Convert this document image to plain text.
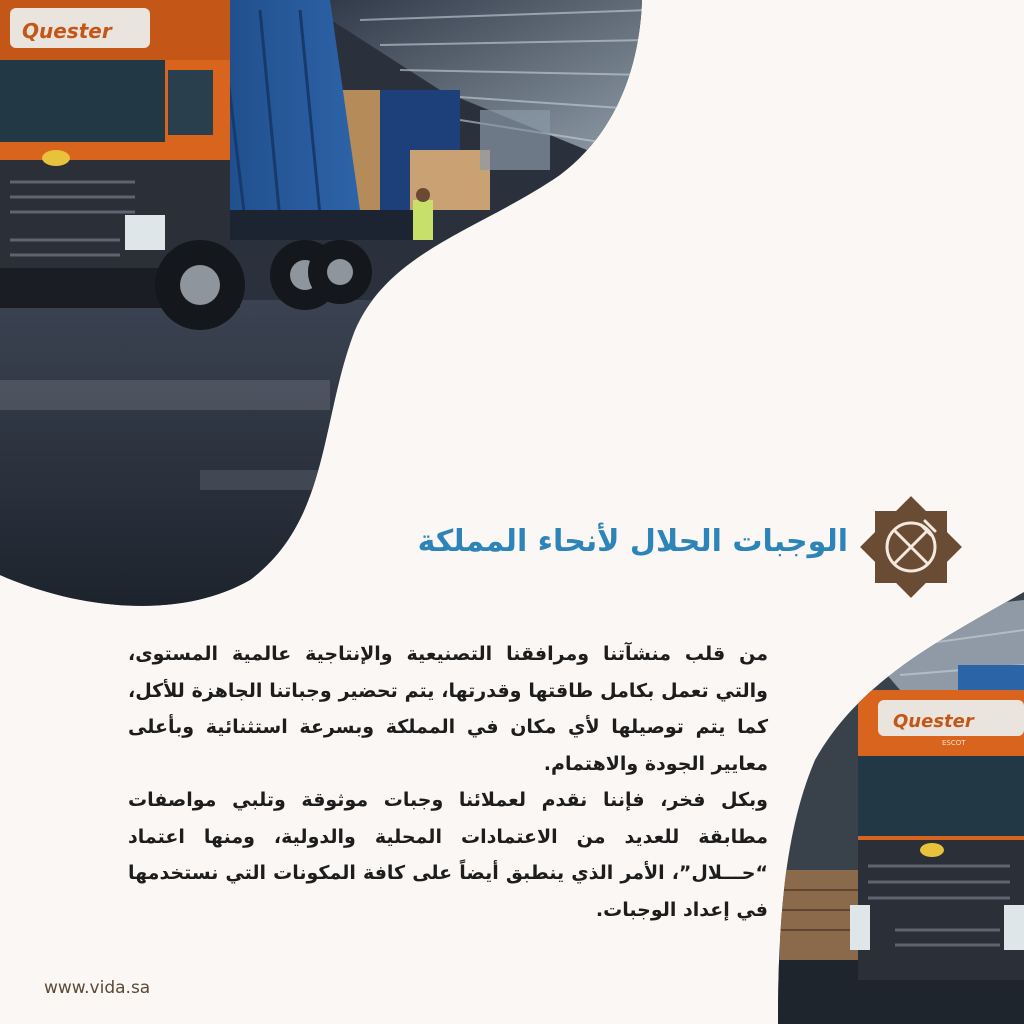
Quester
Quester
ESCOT
الوجبات الحلال لأنحاء المملكة

من قلب منشآتنا ومرافقنا التصنيعية والإنتاجية عالمية المستوى، والتي تعمل بكامل طاقتها وقدرتها، يتم تحضير وجباتنا الجاهزة للأكل، كما يتم توصيلها لأي مكان في المملكة وبسرعة استثنائية وبأعلى معايير الجودة والاهتمام.

وبكل فخر، فإننا نقدم لعملائنا وجبات موثوقة وتلبي مواصفات مطابقة للعديد من الاعتمادات المحلية والدولية، ومنها اعتماد “حـــلال”، الأمر الذي ينطبق أيضاً على كافة المكونات التي نستخدمها في إعداد الوجبات.

www.vida.sa
